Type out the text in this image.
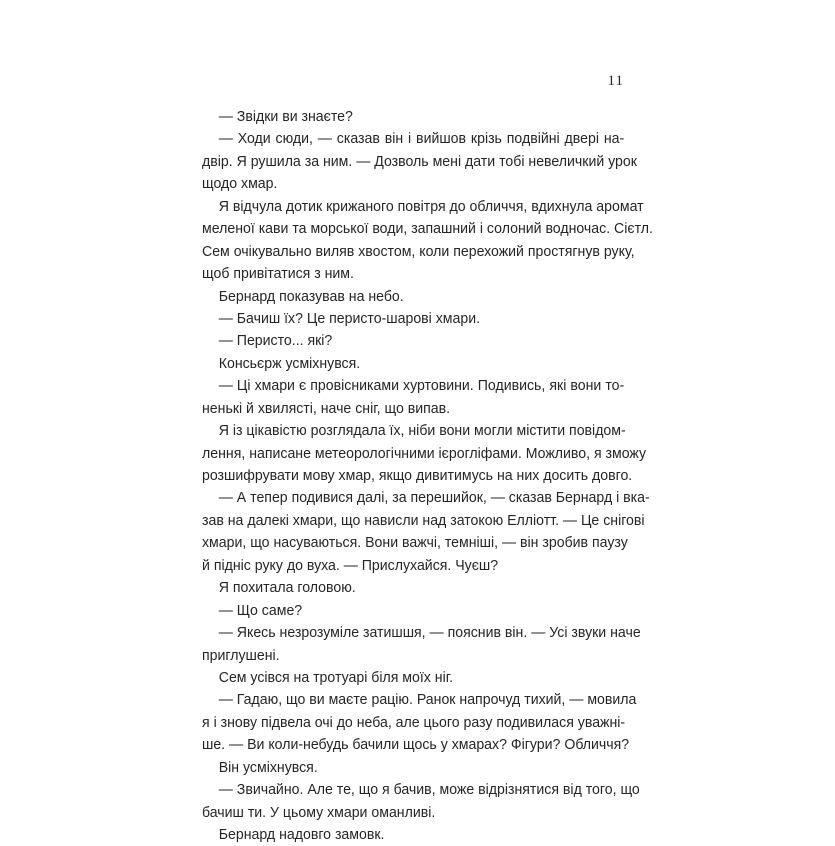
11
— Звідки ви знаєте?
— Ходи сюди, — сказав він і вийшов крізь подвійні двері на-
двір. Я рушила за ним. — Дозволь мені дати тобі невеличкий урок
щодо хмар.
Я відчула дотик крижаного повітря до обличчя, вдихнула аромат
меленої кави та морської води, запашний і солоний водночас. Сієтл.
Сем очікувально виляв хвостом, коли перехожий простягнув руку,
щоб привітатися з ним.
Бернард показував на небо.
— Бачиш їх? Це перисто-шарові хмари.
— Перисто... які?
Консьєрж усміхнувся.
— Ці хмари є провісниками хуртовини. Подивись, які вони то-
ненькі й хвилясті, наче сніг, що випав.
Я із цікавістю розглядала їх, ніби вони могли містити повідом-
лення, написане метеорологічними ієрогліфами. Можливо, я зможу
розшифрувати мову хмар, якщо дивитимусь на них досить довго.
— А тепер подивися далі, за перешийок, — сказав Бернард і вка-
зав на далекі хмари, що нависли над затокою Елліотт. — Це снігові
хмари, що насуваються. Вони важчі, темніші, — він зробив паузу
й підніс руку до вуха. — Прислухайся. Чуєш?
Я похитала головою.
— Що саме?
— Якесь незрозуміле затишшя, — пояснив він. — Усі звуки наче
приглушені.
Сем усівся на тротуарі біля моїх ніг.
— Гадаю, що ви маєте рацію. Ранок напрочуд тихий, — мовила
я і знову підвела очі до неба, але цього разу подивилася уважні-
ше. — Ви коли-небудь бачили щось у хмарах? Фігури? Обличчя?
Він усміхнувся.
— Звичайно. Але те, що я бачив, може відрізнятися від того, що
бачиш ти. У цьому хмари оманливі.
Бернард надовго замовк.
